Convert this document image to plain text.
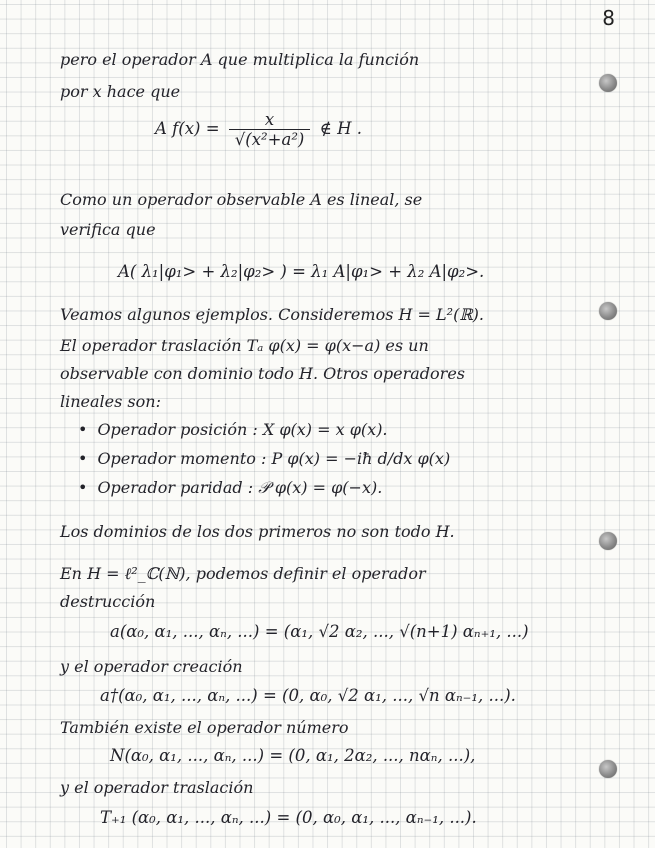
8
pero el operador A que multiplica la función
por x hace que
A $f(x) = \frac{x}{\text{√(x²+a²)}}$ ∉ H .
Como un operador observable A es lineal, se
verifica que
A( λ₁|φ₁> + λ₂|φ₂> ) = λ₁ A|φ₁> + λ₂ A|φ₂>.
Veamos algunos ejemplos. Consideremos H = L²(ℝ).
El operador traslación Tₐ φ(x) = φ(x−a) es un
observable con dominio todo H. Otros operadores
lineales son:
• Operador posición : X φ(x) = x φ(x).
• Operador momento : P φ(x) = −iħ d/dx φ(x)
• Operador paridad : 𝒫 φ(x) = φ(−x).
Los dominios de los dos primeros no son todo H.
En H = ℓ²_ℂ(ℕ), podemos definir el operador
destrucción
a(α₀, α₁, ..., αₙ, ...) = (α₁, √2 α₂, ..., √(n+1) αₙ₊₁, ...)
y el operador creación
a†(α₀, α₁, ..., αₙ, ...) = (0, α₀, √2 α₁, ..., √n αₙ₋₁, ...).
También existe el operador número
N(α₀, α₁, ..., αₙ, ...) = (0, α₁, 2α₂, ..., nαₙ, ...),
y el operador traslación
T₊₁ (α₀, α₁, ..., αₙ, ...) = (0, α₀, α₁, ..., αₙ₋₁, ...).
